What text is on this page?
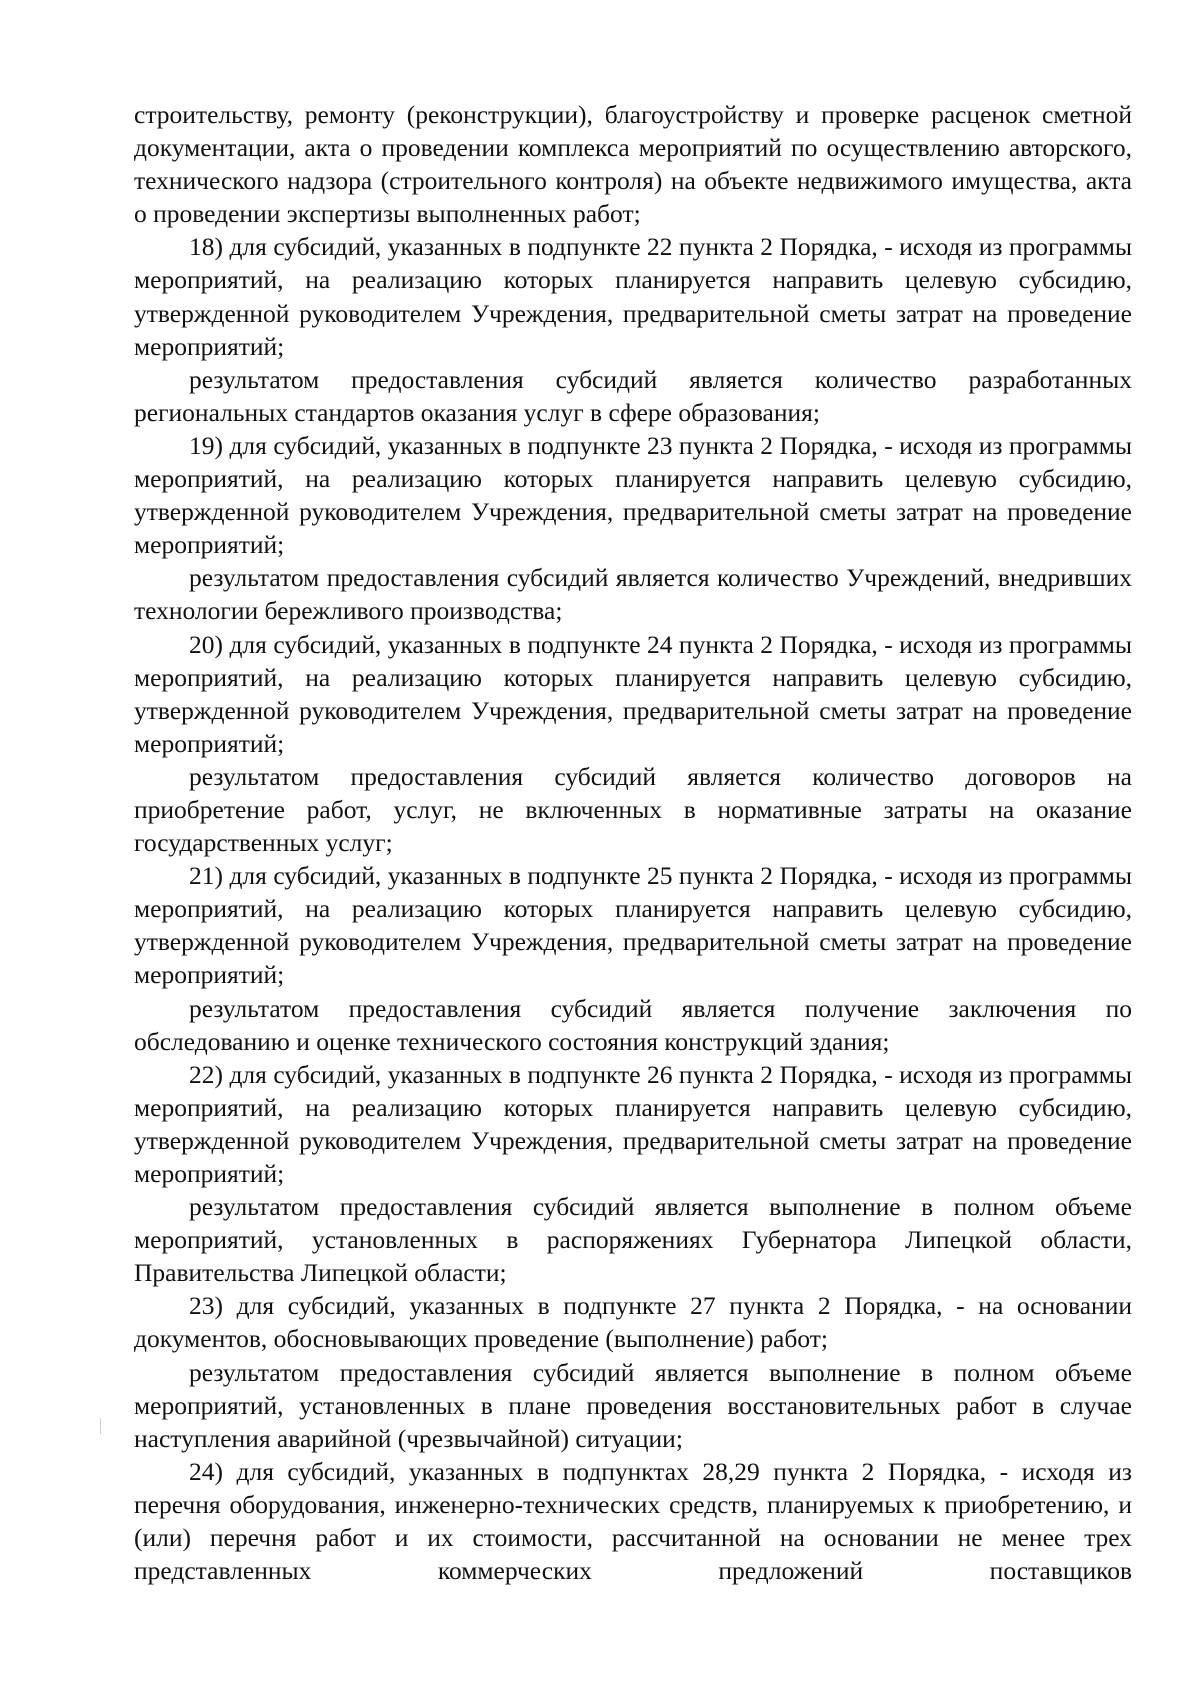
строительству, ремонту (реконструкции), благоустройству и проверке расценок сметной документации, акта о проведении комплекса мероприятий по осуществлению авторского, технического надзора (строительного контроля) на объекте недвижимого имущества, акта о проведении экспертизы выполненных работ;

18) для субсидий, указанных в подпункте 22 пункта 2 Порядка, - исходя из программы мероприятий, на реализацию которых планируется направить целевую субсидию, утвержденной руководителем Учреждения, предварительной сметы затрат на проведение мероприятий;

результатом предоставления субсидий является количество разработанных региональных стандартов оказания услуг в сфере образования;

19) для субсидий, указанных в подпункте 23 пункта 2 Порядка, - исходя из программы мероприятий, на реализацию которых планируется направить целевую субсидию, утвержденной руководителем Учреждения, предварительной сметы затрат на проведение мероприятий;

результатом предоставления субсидий является количество Учреждений, внедривших технологии бережливого производства;

20) для субсидий, указанных в подпункте 24 пункта 2 Порядка, - исходя из программы мероприятий, на реализацию которых планируется направить целевую субсидию, утвержденной руководителем Учреждения, предварительной сметы затрат на проведение мероприятий;

результатом предоставления субсидий является количество договоров на приобретение работ, услуг, не включенных в нормативные затраты на оказание государственных услуг;

21) для субсидий, указанных в подпункте 25 пункта 2 Порядка, - исходя из программы мероприятий, на реализацию которых планируется направить целевую субсидию, утвержденной руководителем Учреждения, предварительной сметы затрат на проведение мероприятий;

результатом предоставления субсидий является получение заключения по обследованию и оценке технического состояния конструкций здания;

22) для субсидий, указанных в подпункте 26 пункта 2 Порядка, - исходя из программы мероприятий, на реализацию которых планируется направить целевую субсидию, утвержденной руководителем Учреждения, предварительной сметы затрат на проведение мероприятий;

результатом предоставления субсидий является выполнение в полном объеме мероприятий, установленных в распоряжениях Губернатора Липецкой области, Правительства Липецкой области;

23) для субсидий, указанных в подпункте 27 пункта 2 Порядка, - на основании документов, обосновывающих проведение (выполнение) работ;

результатом предоставления субсидий является выполнение в полном объеме мероприятий, установленных в плане проведения восстановительных работ в случае наступления аварийной (чрезвычайной) ситуации;

24) для субсидий, указанных в подпунктах 28,29 пункта 2 Порядка, - исходя из перечня оборудования, инженерно-технических средств, планируемых к приобретению, и (или) перечня работ и их стоимости, рассчитанной на основании не менее трех представленных коммерческих предложений поставщиков
